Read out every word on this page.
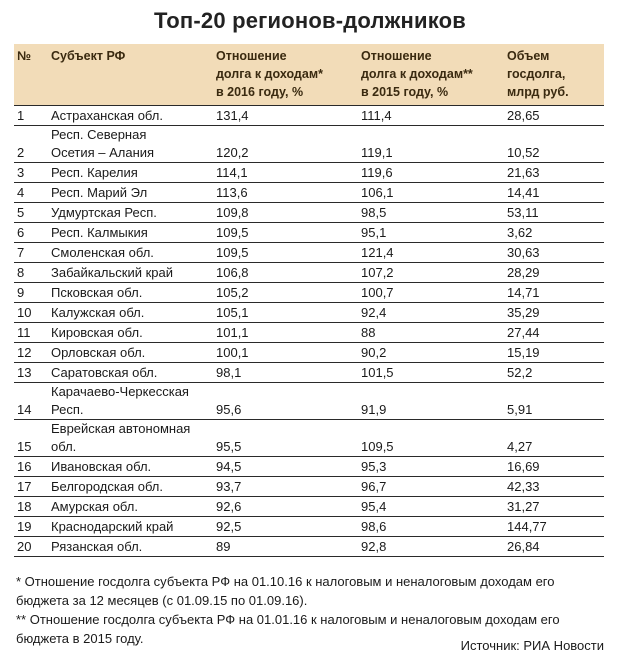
Топ-20 регионов-должников
№	Субъект РФ	Отношение
долга к доходам*
в 2016 году, %	Отношение
долга к доходам**
в 2015 году, %	Объем
госдолга,
млрд руб.
1	Астраханская обл.	131,4	111,4	28,65
2	Респ. Северная
Осетия – Алания	120,2	119,1	10,52
3	Респ. Карелия	114,1	119,6	21,63
4	Респ. Марий Эл	113,6	106,1	14,41
5	Удмуртская Респ.	109,8	98,5	53,11
6	Респ. Калмыкия	109,5	95,1	3,62
7	Смоленская обл.	109,5	121,4	30,63
8	Забайкальский край	106,8	107,2	28,29
9	Псковская обл.	105,2	100,7	14,71
10	Калужская обл.	105,1	92,4	35,29
11	Кировская обл.	101,1	88	27,44
12	Орловская обл.	100,1	90,2	15,19
13	Саратовская обл.	98,1	101,5	52,2
14	Карачаево-Черкесская
Респ.	95,6	91,9	5,91
15	Еврейская автономная
обл.	95,5	109,5	4,27
16	Ивановская обл.	94,5	95,3	16,69
17	Белгородская обл.	93,7	96,7	42,33
18	Амурская обл.	92,6	95,4	31,27
19	Краснодарский край	92,5	98,6	144,77
20	Рязанская обл.	89	92,8	26,84

* Отношение госдолга субъекта РФ на 01.10.16 к налоговым и неналоговым доходам его бюджета за 12 месяцев (с 01.09.15 по 01.09.16).

** Отношение госдолга субъекта РФ на 01.01.16 к налоговым и неналоговым доходам его бюджета в 2015 году.	Источник: РИА Новости
